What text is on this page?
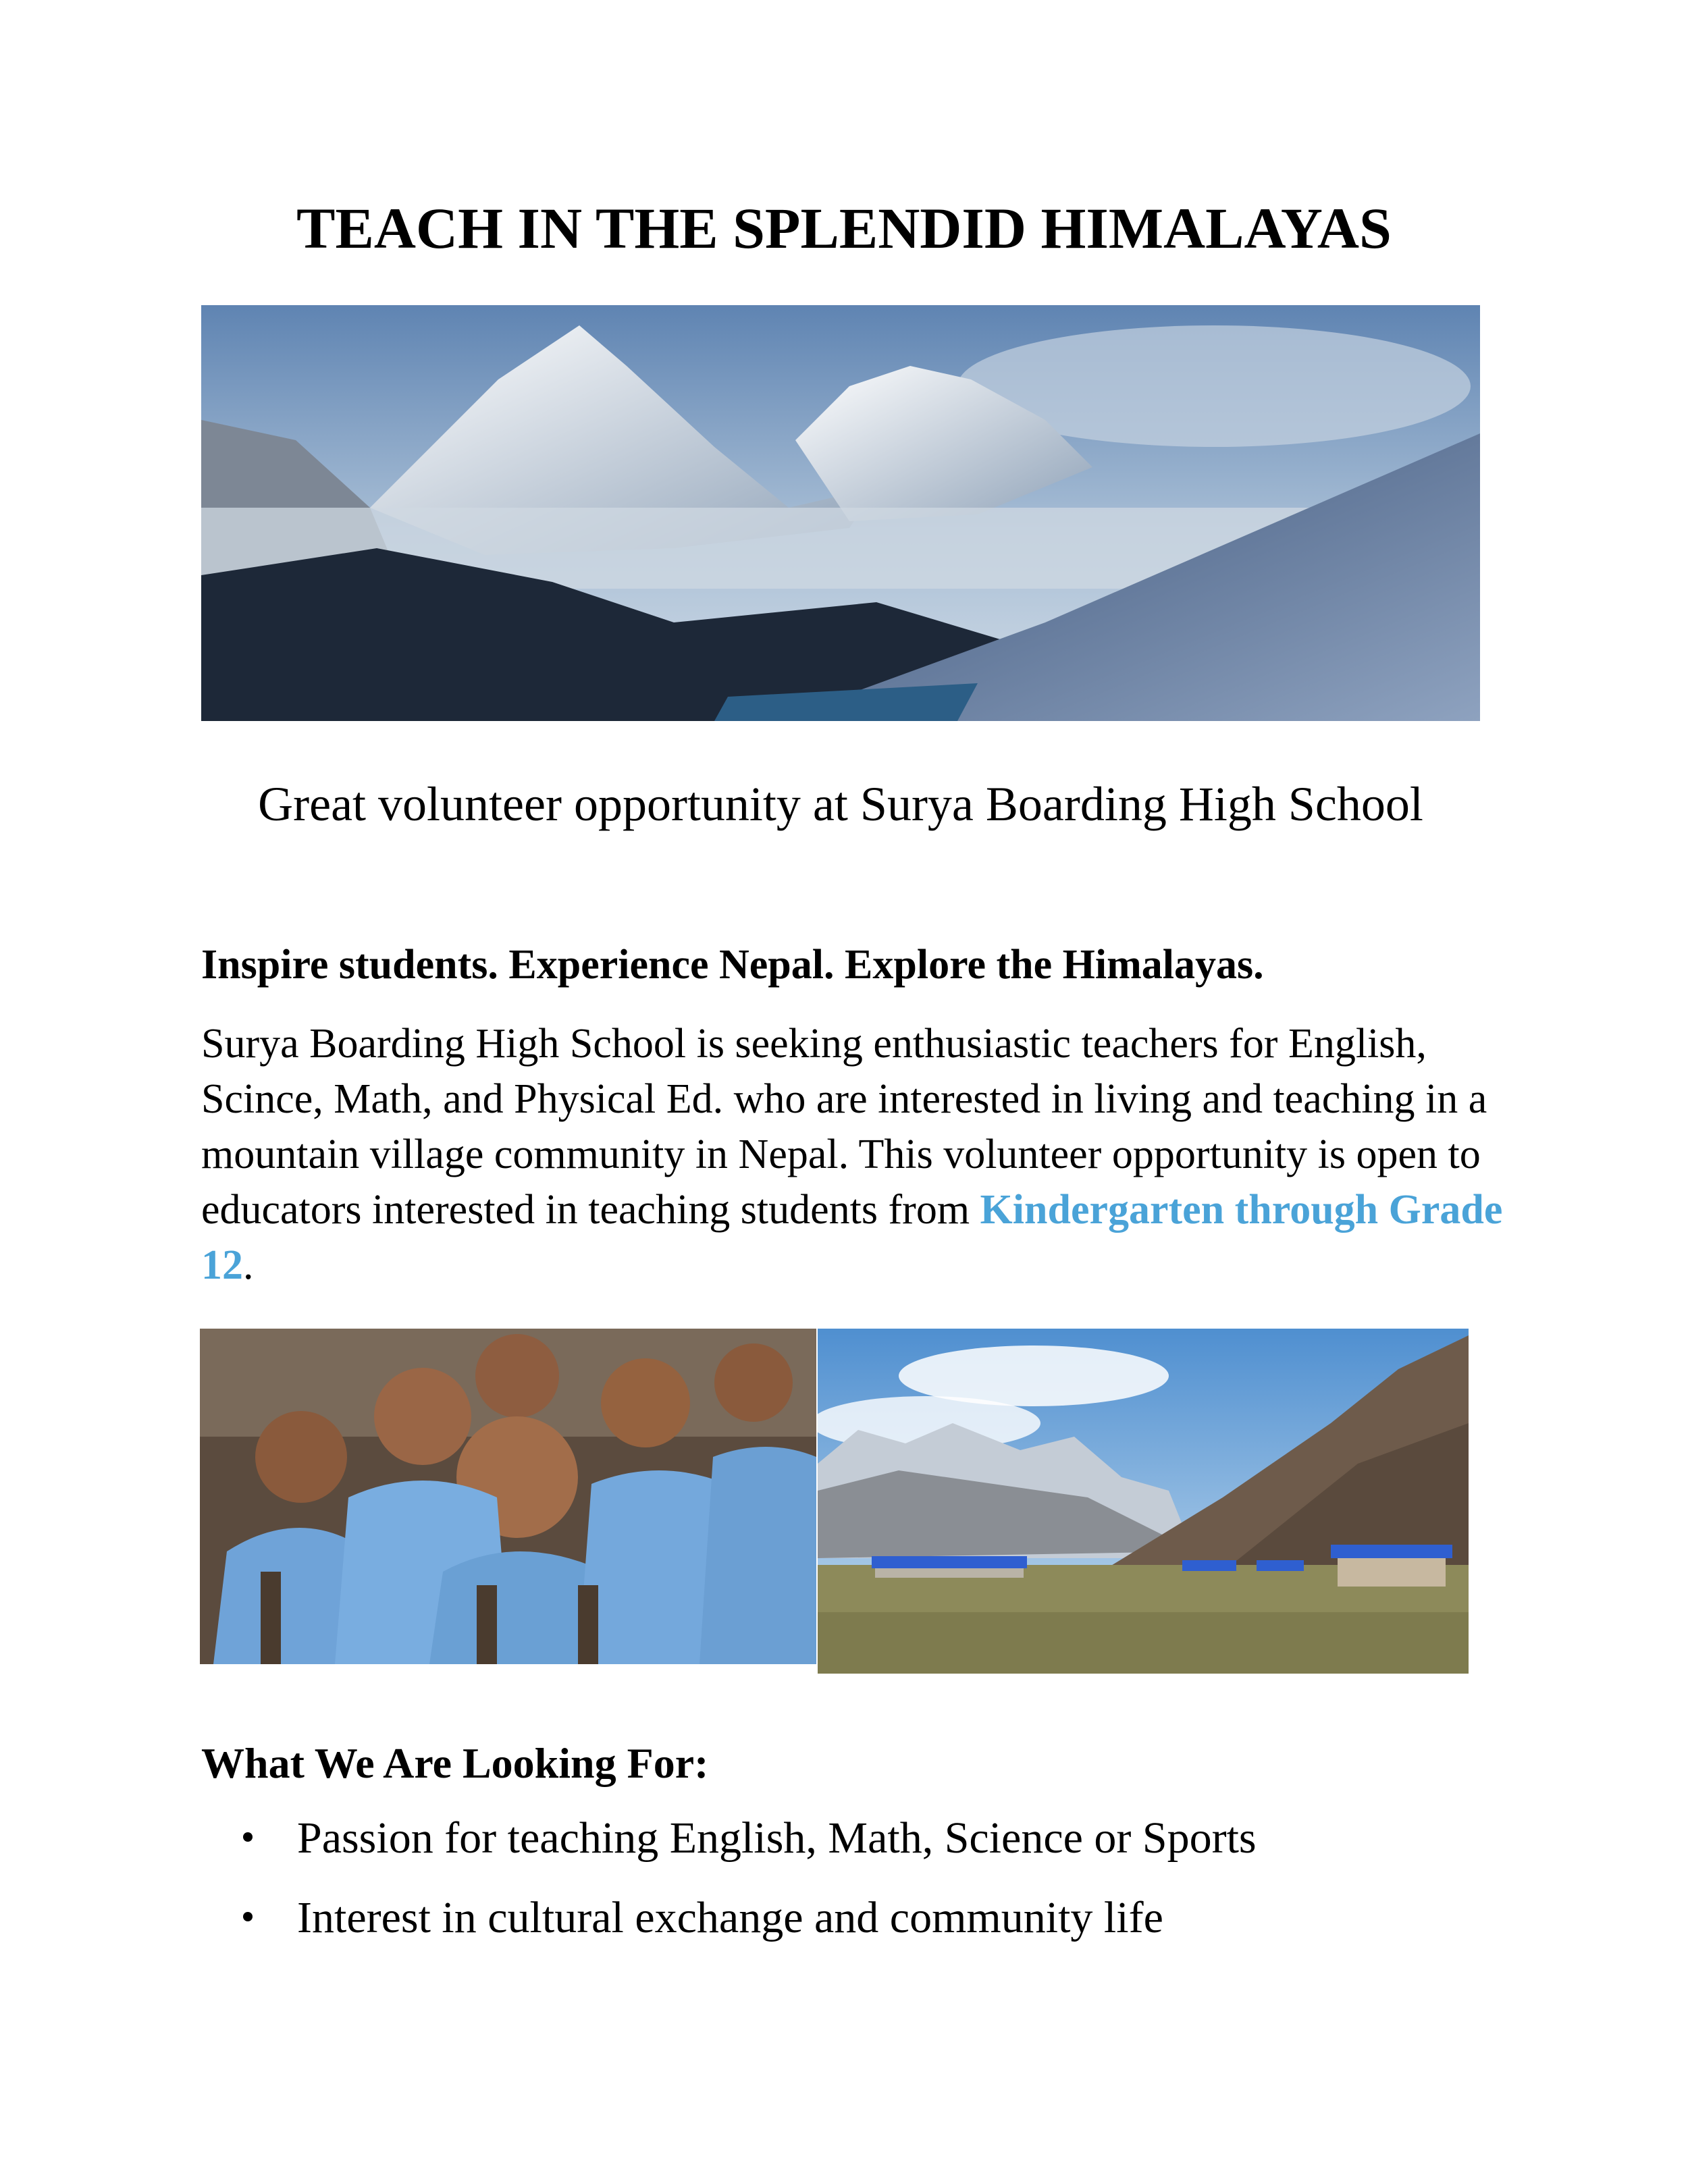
TEACH IN THE SPLENDID HIMALAYAS

Great volunteer opportunity at Surya Boarding High School

Inspire students. Experience Nepal. Explore the Himalayas.

Surya Boarding High School is seeking enthusiastic teachers for English, Scince, Math, and Physical Ed. who are interested in living and teaching in a mountain village community in Nepal. This volunteer opportunity is open to educators interested in teaching students from Kindergarten through Grade 12.

What We Are Looking For:
Passion for teaching English, Math, Science or Sports
Interest in cultural exchange and community life
